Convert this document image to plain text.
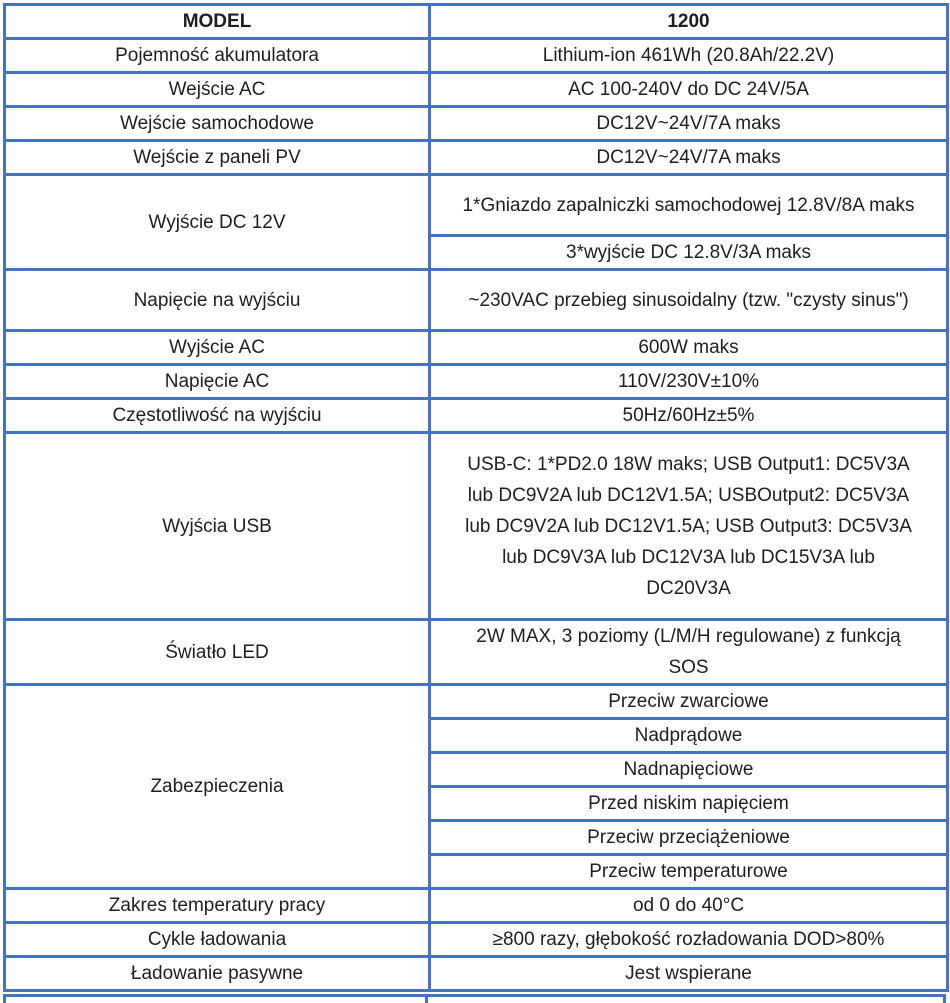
MODEL	1200
Pojemność akumulatora	Lithium-ion 461Wh (20.8Ah/22.2V)
Wejście AC	AC 100-240V do DC 24V/5A
Wejście samochodowe	DC12V~24V/7A maks
Wejście z paneli PV	DC12V~24V/7A maks
Wyjście DC 12V	1*Gniazdo zapalniczki samochodowej 12.8V/8A maks
	3*wyjście DC 12.8V/3A maks
Napięcie na wyjściu	~230VAC przebieg sinusoidalny (tzw. "czysty sinus")
Wyjście AC	600W maks
Napięcie AC	110V/230V±10%
Częstotliwość na wyjściu	50Hz/60Hz±5%
Wyjścia USB	USB-C: 1*PD2.0 18W maks; USB Output1: DC5V3A lub DC9V2A lub DC12V1.5A; USBOutput2: DC5V3A lub DC9V2A lub DC12V1.5A; USB Output3: DC5V3A lub DC9V3A lub DC12V3A lub DC15V3A lub DC20V3A
Światło LED	2W MAX, 3 poziomy (L/M/H regulowane) z funkcją SOS
Zabezpieczenia	Przeciw zwarciowe
	Nadprądowe
	Nadnapięciowe
	Przed niskim napięciem
	Przeciw przeciążeniowe
	Przeciw temperaturowe
Zakres temperatury pracy	od 0 do 40°C
Cykle ładowania	≥800 razy, głębokość rozładowania DOD>80%
Ładowanie pasywne	Jest wspierane
